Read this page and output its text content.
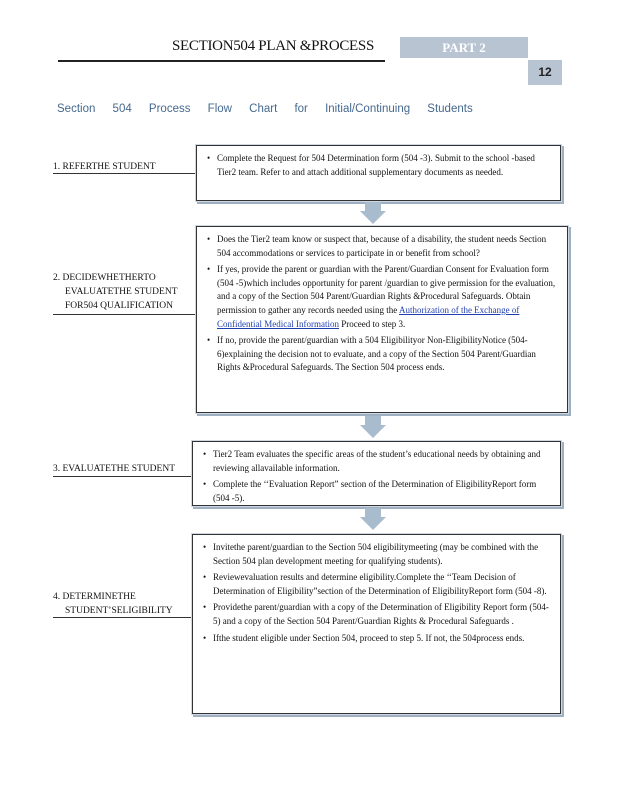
SECTION504 PLAN &PROCESS	PART 2
12
Section 504 Process Flow Chart for Initial/Continuing Students
1. REFERTHE STUDENT
• Complete the Request for 504 Determination form (504 -3). Submit to the school -based Tier2 team. Refer to and attach additional supplementary documents as needed.
2. DECIDEWHETHERTO
EVALUATETHE STUDENT
FOR504 QUALIFICATION
• Does the Tier2 team know or suspect that, because of a disability, the student needs Section 504 accommodations or services to participate in or benefit from school?
• If yes, provide the parent or guardian with the Parent/Guardian Consent for Evaluation form (504 -5)which includes opportunity for parent /guardian to give permission for the evaluation, and a copy of the Section 504 Parent/Guardian Rights &Procedural Safeguards. Obtain permission to gather any records needed using the Authorization of the Exchange of Confidential Medical Information Proceed to step 3.
• If no, provide the parent/guardian with a 504 Eligibilityor Non-EligibilityNotice (504-6)explaining the decision not to evaluate, and a copy of the Section 504 Parent/Guardian Rights &Procedural Safeguards. The Section 504 process ends.
3. EVALUATETHE STUDENT
• Tier2 Team evaluates the specific areas of the student’s educational needs by obtaining and reviewing allavailable information.
• Complete the ‘‘Evaluation Report” section of the Determination of EligibilityReport form (504 -5).
4. DETERMINETHE
STUDENT’SELIGIBILITY
• Invitethe parent/guardian to the Section 504 eligibilitymeeting (may be combined with the Section 504 plan development meeting for qualifying students).
• Reviewevaluation results and determine eligibility.Complete the ‘‘Team Decision of Determination of Eligibility”section of the Determination of EligibilityReport form (504 -8).
• Providethe parent/guardian with a copy of the Determination of Eligibility Report form (504-5) and a copy of the Section 504 Parent/Guardian Rights & Procedural Safeguards .
• Ifthe student eligible under Section 504, proceed to step 5. If not, the 504process ends.
